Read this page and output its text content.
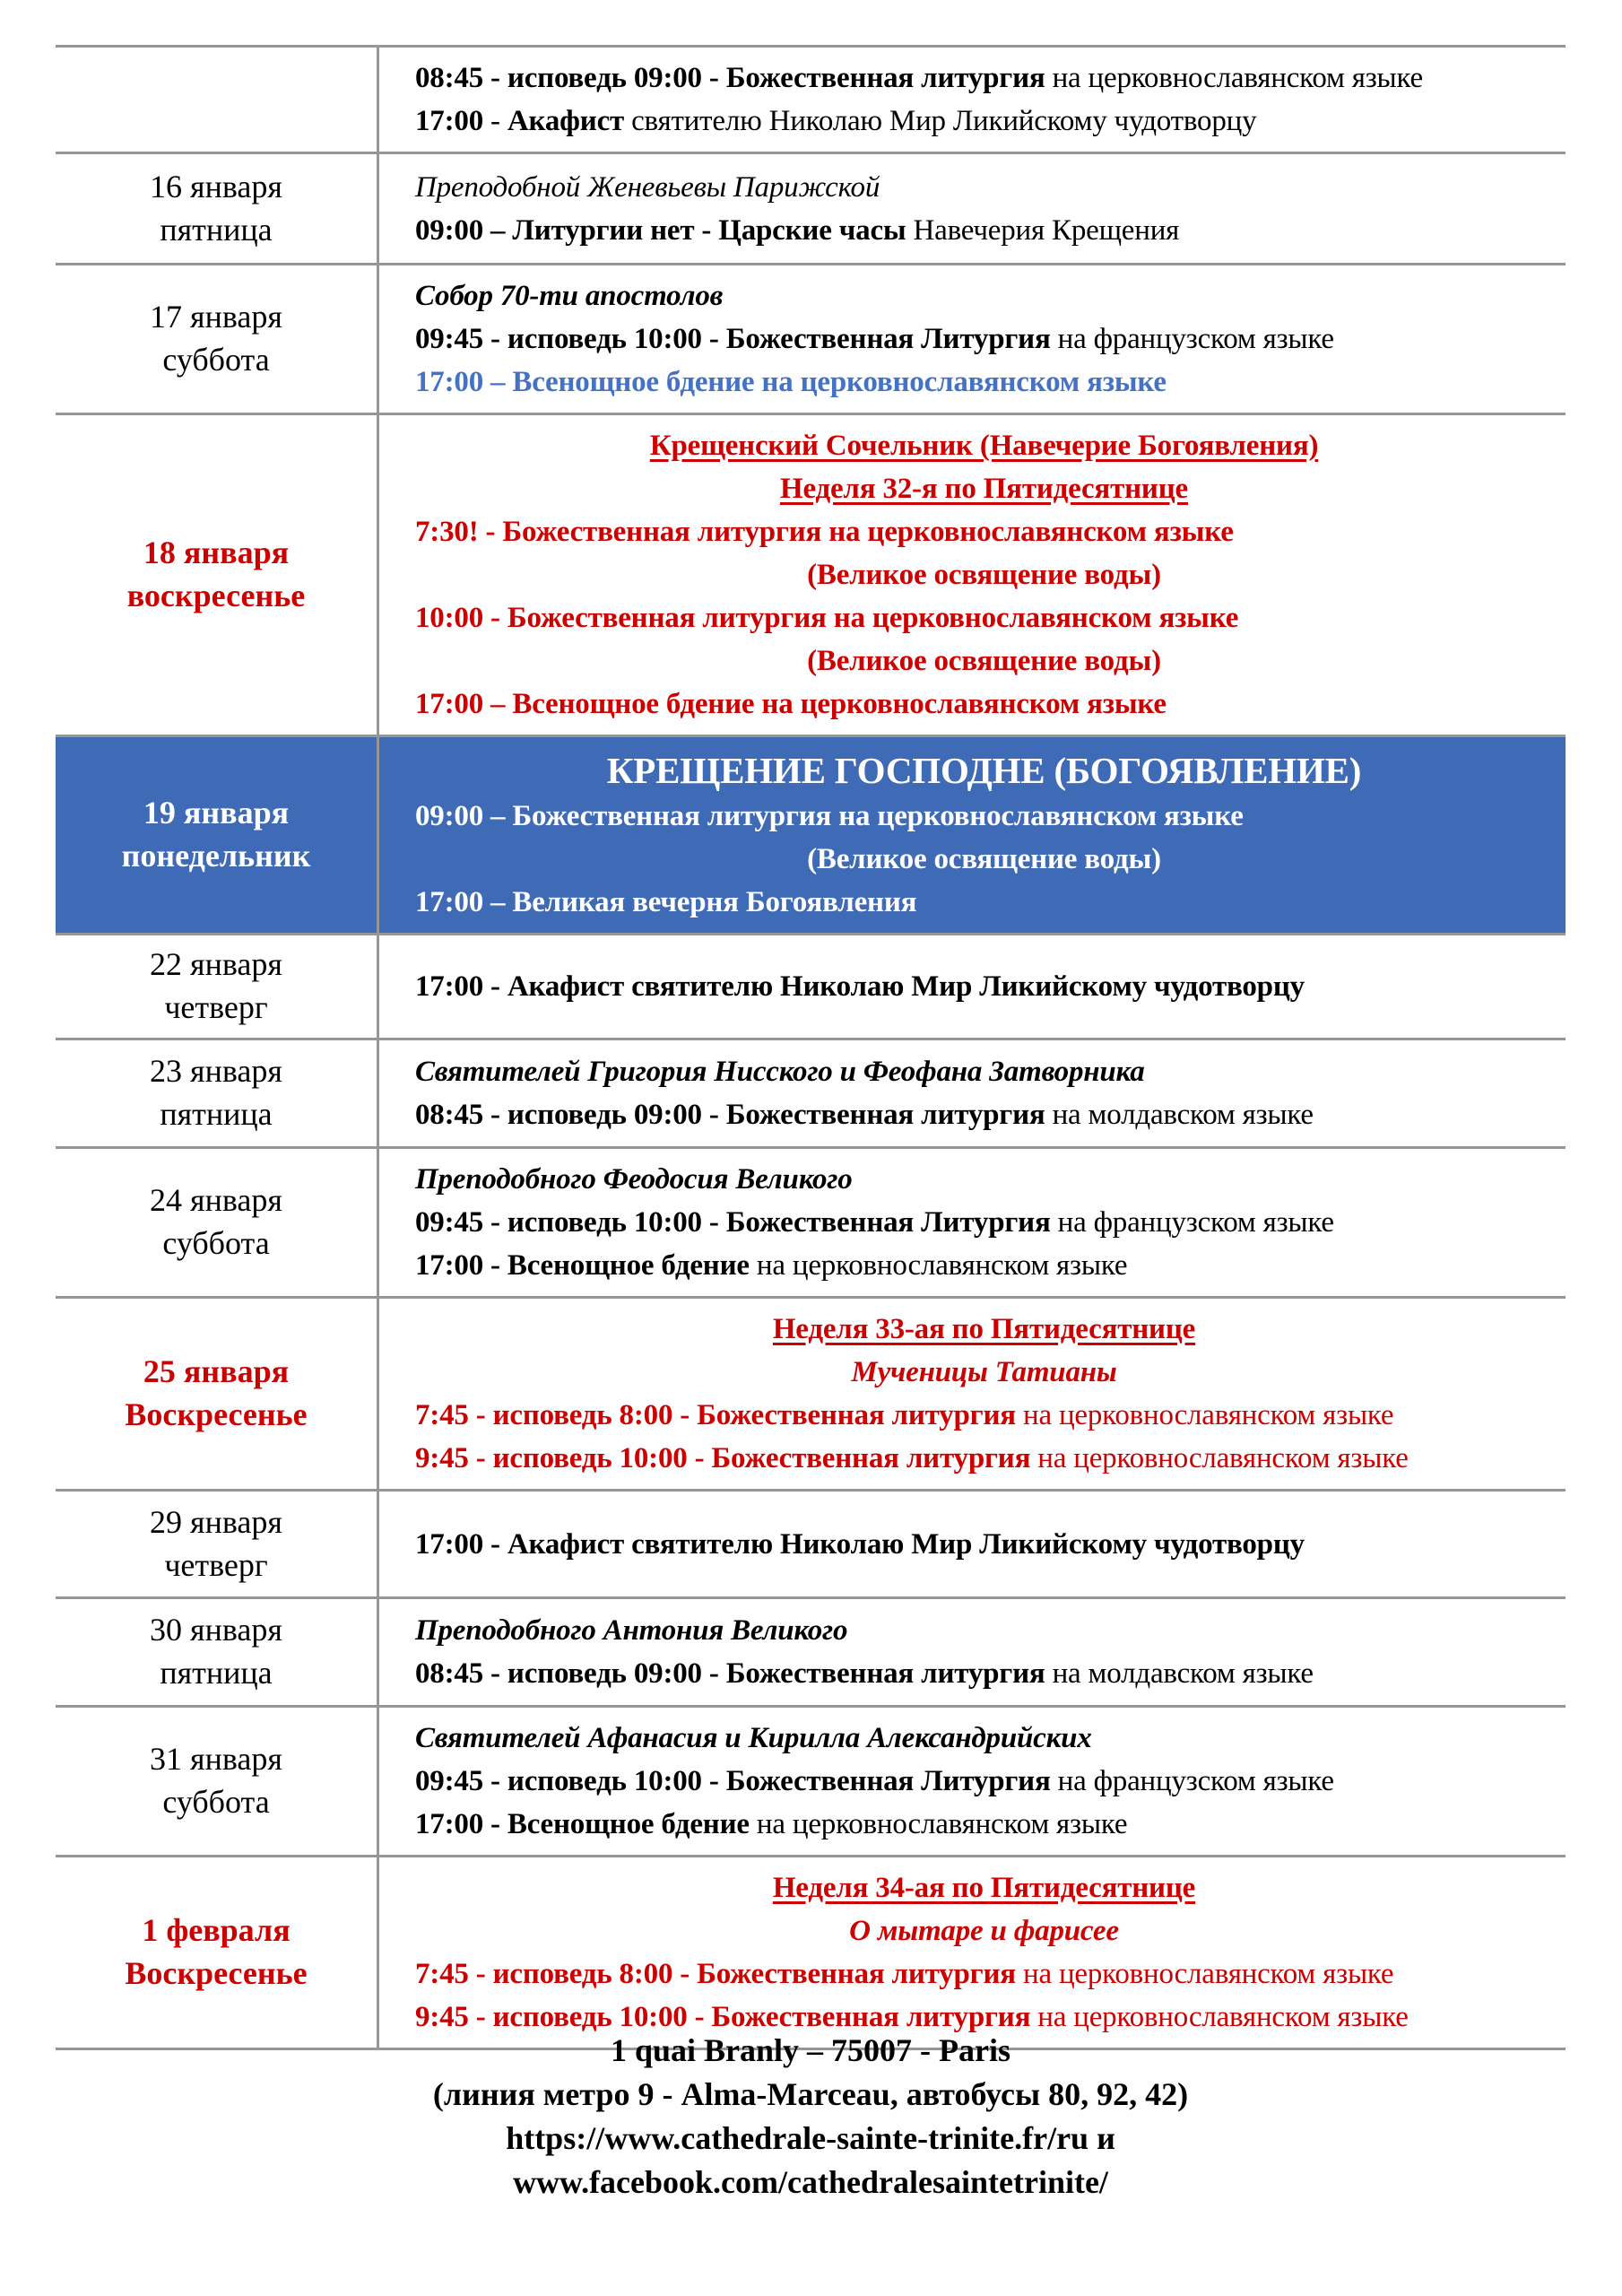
08:45 - исповедь 09:00 - Божественная литургия на церковнославянском языке
17:00 - Акафист святителю Николаю Мир Ликийскому чудотворцу
16 января
пятница
Преподобной Женевьевы Парижской
09:00 – Литургии нет - Царские часы Навечерия Крещения
17 января
суббота
Собор 70-ти апостолов
09:45 - исповедь 10:00 - Божественная Литургия на французском языке
17:00 – Всенощное бдение на церковнославянском языке
18 января
воскресенье
Крещенский Сочельник (Навечерие Богоявления)
Неделя 32-я по Пятидесятнице
7:30! - Божественная литургия на церковнославянском языке
(Великое освящение воды)
10:00 - Божественная литургия на церковнославянском языке
(Великое освящение воды)
17:00 – Всенощное бдение на церковнославянском языке
19 января
понедельник
КРЕЩЕНИЕ ГОСПОДНЕ (БОГОЯВЛЕНИЕ)
09:00 – Божественная литургия на церковнославянском языке
(Великое освящение воды)
17:00 – Великая вечерня Богоявления
22 января
четверг
17:00 - Акафист святителю Николаю Мир Ликийскому чудотворцу
23 января
пятница
Святителей Григория Нисского и Феофана Затворника
08:45 - исповедь 09:00 - Божественная литургия на молдавском языке
24 января
суббота
Преподобного Феодосия Великого
09:45 - исповедь 10:00 - Божественная Литургия на французском языке
17:00 - Всенощное бдение на церковнославянском языке
25 января
Воскресенье
Неделя 33-ая по Пятидесятнице
Мученицы Татианы
7:45 - исповедь 8:00 - Божественная литургия на церковнославянском языке
9:45 - исповедь 10:00 - Божественная литургия на церковнославянском языке
29 января
четверг
17:00 - Акафист святителю Николаю Мир Ликийскому чудотворцу
30 января
пятница
Преподобного Антония Великого
08:45 - исповедь 09:00 - Божественная литургия на молдавском языке
31 января
суббота
Святителей Афанасия и Кирилла Александрийских
09:45 - исповедь 10:00 - Божественная Литургия на французском языке
17:00 - Всенощное бдение на церковнославянском языке
1 февраля
Воскресенье
Неделя 34-ая по Пятидесятнице
О мытаре и фарисее
7:45 - исповедь 8:00 - Божественная литургия на церковнославянском языке
9:45 - исповедь 10:00 - Божественная литургия на церковнославянском языке
1 quai Branly – 75007 - Paris
(линия метро 9 - Alma-Marceau, автобусы 80, 92, 42)
https://www.cathedrale-sainte-trinite.fr/ru и
www.facebook.com/cathedralesaintetrinite/
